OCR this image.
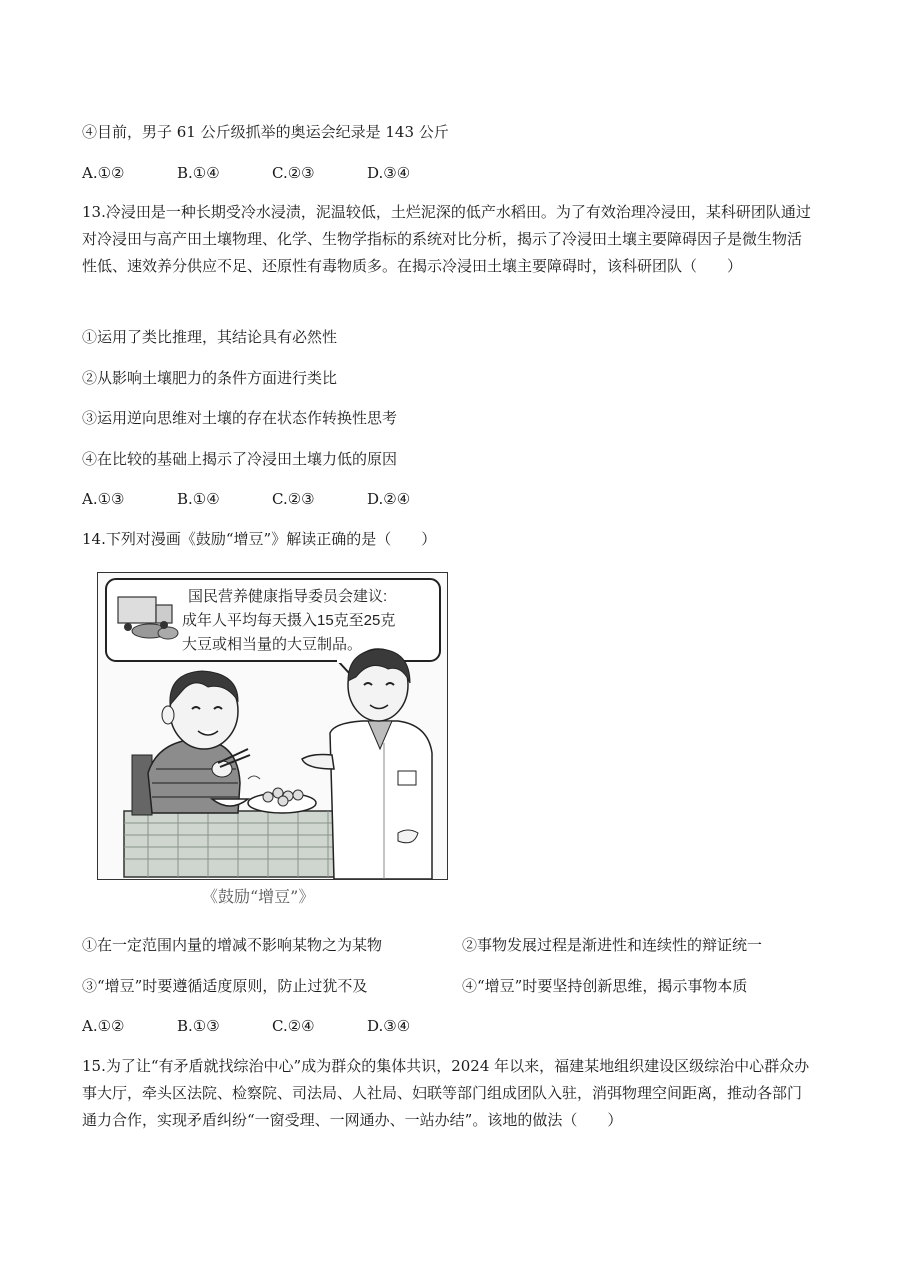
④目前，男子 61 公斤级抓举的奥运会纪录是 143 公斤
A.①②	B.①④	C.②③	D.③④
13.冷浸田是一种长期受冷水浸渍，泥温较低，土烂泥深的低产水稻田。为了有效治理冷浸田，某科研团队通过对冷浸田与高产田土壤物理、化学、生物学指标的系统对比分析，揭示了冷浸田土壤主要障碍因子是微生物活性低、速效养分供应不足、还原性有毒物质多。在揭示冷浸田土壤主要障碍时，该科研团队（　　）
①运用了类比推理，其结论具有必然性
②从影响土壤肥力的条件方面进行类比
③运用逆向思维对土壤的存在状态作转换性思考
④在比较的基础上揭示了冷浸田土壤力低的原因
A.①③	B.①④	C.②③	D.②④
14.下列对漫画《鼓励“增豆”》解读正确的是（　　）
国民营养健康指导委员会建议:
成年人平均每天摄入15克至25克
大豆或相当量的大豆制品。
《鼓励“增豆”》
①在一定范围内量的增减不影响某物之为某物	②事物发展过程是渐进性和连续性的辩证统一
③“增豆”时要遵循适度原则，防止过犹不及	④“增豆”时要坚持创新思维，揭示事物本质
A.①②	B.①③	C.②④	D.③④
15.为了让“有矛盾就找综治中心”成为群众的集体共识，2024 年以来，福建某地组织建设区级综治中心群众办事大厅，牵头区法院、检察院、司法局、人社局、妇联等部门组成团队入驻，消弭物理空间距离，推动各部门通力合作，实现矛盾纠纷“一窗受理、一网通办、一站办结”。该地的做法（　　）
